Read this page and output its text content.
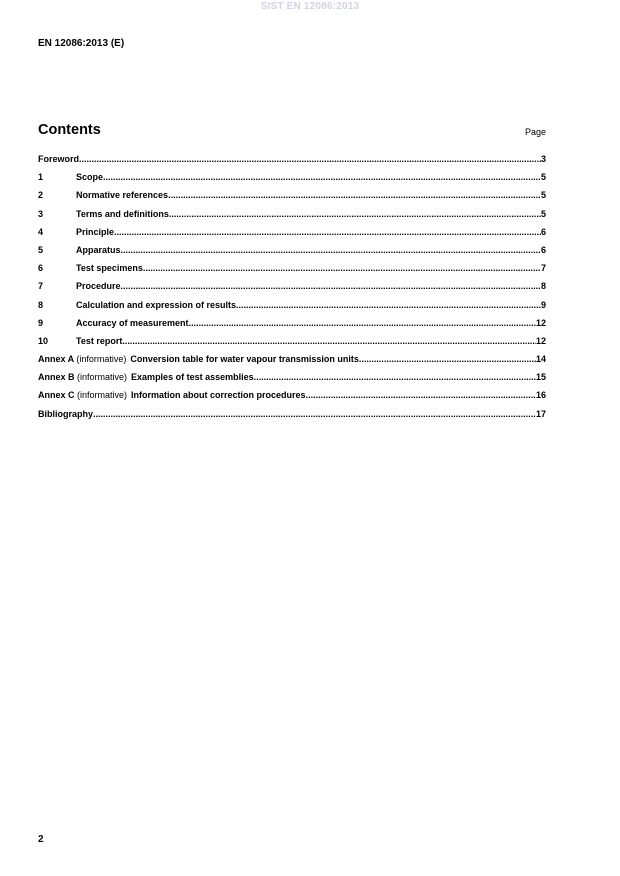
SIST EN 12086:2013
EN 12086:2013 (E)
Contents	Page
Foreword .....	3
1	Scope .....	5
2	Normative references .....	5
3	Terms and definitions .....	5
4	Principle .....	6
5	Apparatus .....	6
6	Test specimens .....	7
7	Procedure .....	8
8	Calculation and expression of results .....	9
9	Accuracy of measurement .....	12
10	Test report .....	12
Annex A (informative) Conversion table for water vapour transmission units .....	14
Annex B (informative) Examples of test assemblies .....	15
Annex C (informative) Information about correction procedures .....	16
Bibliography .....	17
2
